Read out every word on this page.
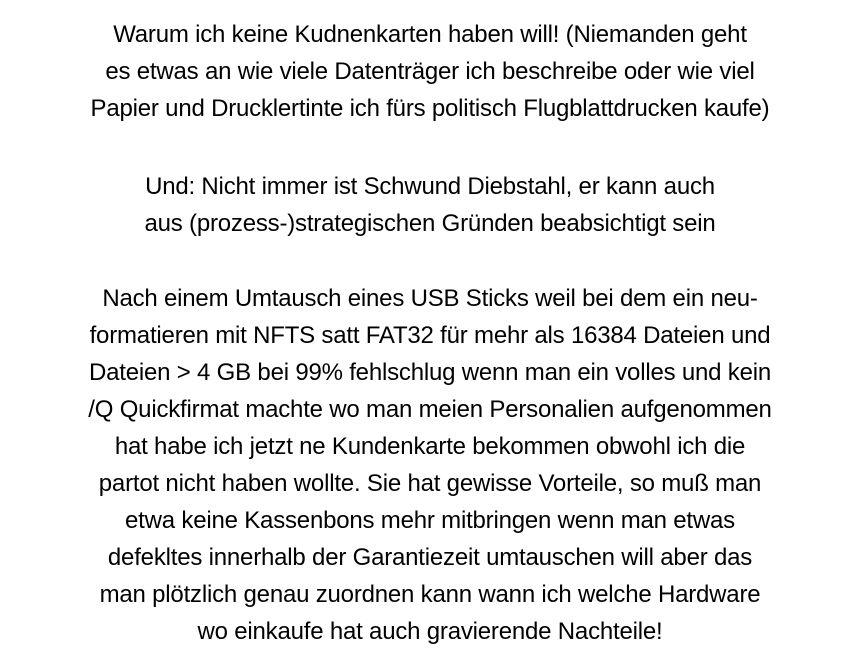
Warum ich keine Kudnenkarten haben will! (Niemanden geht
es etwas an wie viele Datenträger ich beschreibe oder wie viel
Papier und Drucklertinte ich fürs politisch Flugblattdrucken kaufe)
Und: Nicht immer ist Schwund Diebstahl, er kann auch
aus (prozess-)strategischen Gründen beabsichtigt sein
Nach einem Umtausch eines USB Sticks weil bei dem ein neu-
formatieren mit NFTS satt FAT32 für mehr als 16384 Dateien und
Dateien > 4 GB bei 99% fehlschlug wenn man ein volles und kein
/Q Quickfirmat machte wo man meien Personalien aufgenommen
hat habe ich jetzt ne Kundenkarte bekommen obwohl ich die
partot nicht haben wollte. Sie hat gewisse Vorteile, so muß man
etwa keine Kassenbons mehr mitbringen wenn man etwas
defekltes innerhalb der Garantiezeit umtauschen will aber das
man plötzlich genau zuordnen kann wann ich welche Hardware
wo einkaufe hat auch gravierende Nachteile!
